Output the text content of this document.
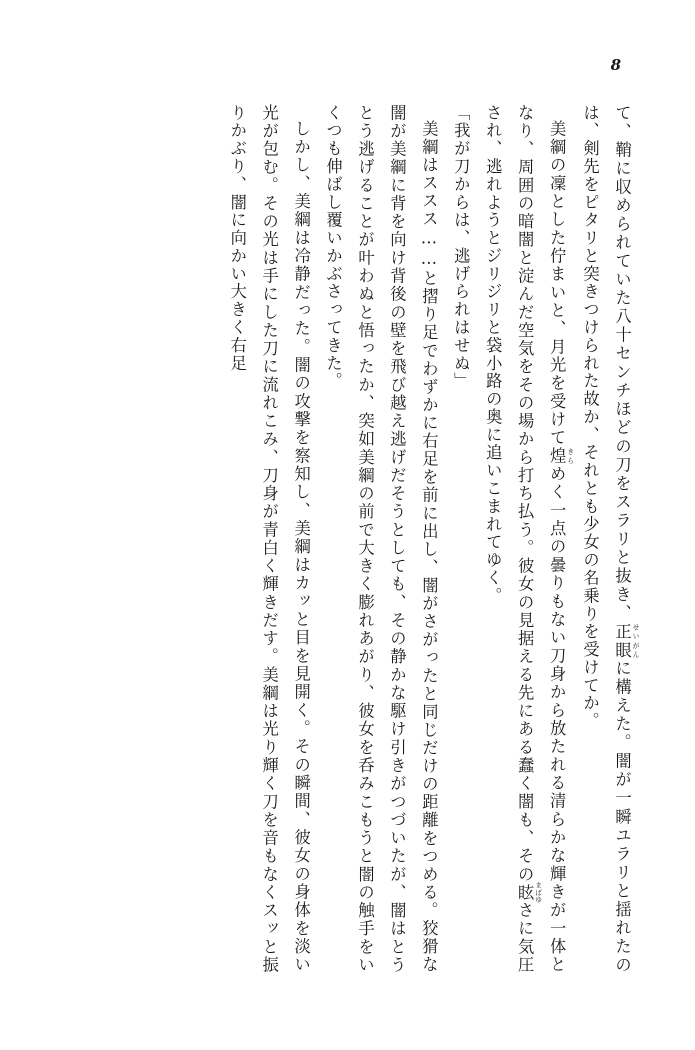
8

て、鞘に収められていた八十センチほどの刀をスラリと抜き、正眼 せいがんに構えた。闇が一瞬ユラリと揺れたのは、剣先をピタリと突きつけられた故か、それとも少女の名乗りを受けてか。

美綱の凜とした佇まいと、月光を受けて煌 きらめく一点の曇りもない刀身から放たれる清らかな輝きが一体となり、周囲の暗闇と淀んだ空気をその場から打ち払う。彼女の見据える先にある蠢く闇も、その眩 まばゆさに気圧され、逃れようとジリジリと袋小路の奥に追いこまれてゆく。

「我が刀からは、逃げられはせぬ」

美綱はススス……と摺り足でわずかに右足を前に出し、闇がさがったと同じだけの距離をつめる。狡猾な闇が美綱に背を向け背後の壁を飛び越え逃げだそうとしても、その静かな駆け引きがつづいたが、闇はとうとう逃げることが叶わぬと悟ったか、突如美綱の前で大きく膨れあがり、彼女を呑みこもうと闇の触手をいくつも伸ばし覆いかぶさってきた。

しかし、美綱は冷静だった。闇の攻撃を察知し、美綱はカッと目を見開く。その瞬間、彼女の身体を淡い光が包む。その光は手にした刀に流れこみ、刀身が青白く輝きだす。美綱は光り輝く刀を音もなくスッと振りかぶり、闇に向かい大きく右足
